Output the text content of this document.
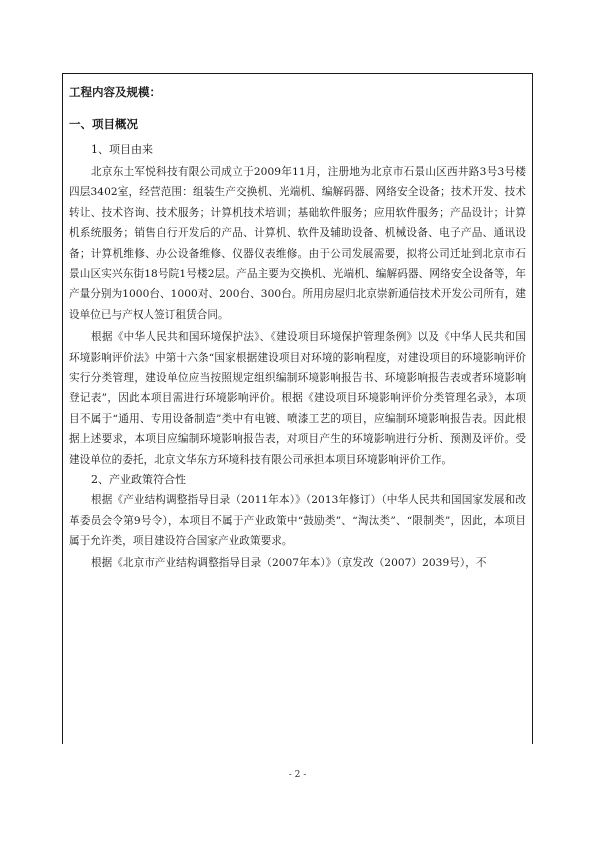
工程内容及规模：

一、项目概况

1、项目由来

北京东土军悦科技有限公司成立于2009年11月，注册地为北京市石景山区西井路3号3号楼四层3402室，经营范围：组装生产交换机、光端机、编解码器、网络安全设备；技术开发、技术转让、技术咨询、技术服务；计算机技术培训；基础软件服务；应用软件服务；产品设计；计算机系统服务；销售自行开发后的产品、计算机、软件及辅助设备、机械设备、电子产品、通讯设备；计算机维修、办公设备维修、仪器仪表维修。由于公司发展需要，拟将公司迁址到北京市石景山区实兴东街18号院1号楼2层。产品主要为交换机、光端机、编解码器、网络安全设备等，年产量分别为1000台、1000对、200台、300台。所用房屋归北京崇新通信技术开发公司所有，建设单位已与产权人签订租赁合同。

根据《中华人民共和国环境保护法》、《建设项目环境保护管理条例》以及《中华人民共和国环境影响评价法》中第十六条“国家根据建设项目对环境的影响程度，对建设项目的环境影响评价实行分类管理，建设单位应当按照规定组织编制环境影响报告书、环境影响报告表或者环境影响登记表”，因此本项目需进行环境影响评价。根据《建设项目环境影响评价分类管理名录》，本项目不属于“通用、专用设备制造”类中有电镀、喷漆工艺的项目，应编制环境影响报告表。因此根据上述要求，本项目应编制环境影响报告表，对项目产生的环境影响进行分析、预测及评价。受建设单位的委托，北京文华东方环境科技有限公司承担本项目环境影响评价工作。

2、产业政策符合性

根据《产业结构调整指导目录（2011年本）》（2013年修订）（中华人民共和国国家发展和改革委员会令第9号令），本项目不属于产业政策中“鼓励类”、“淘汰类”、“限制类”，因此，本项目属于允许类，项目建设符合国家产业政策要求。

根据《北京市产业结构调整指导目录（2007年本）》（京发改（2007）2039号），不

- 2 -
